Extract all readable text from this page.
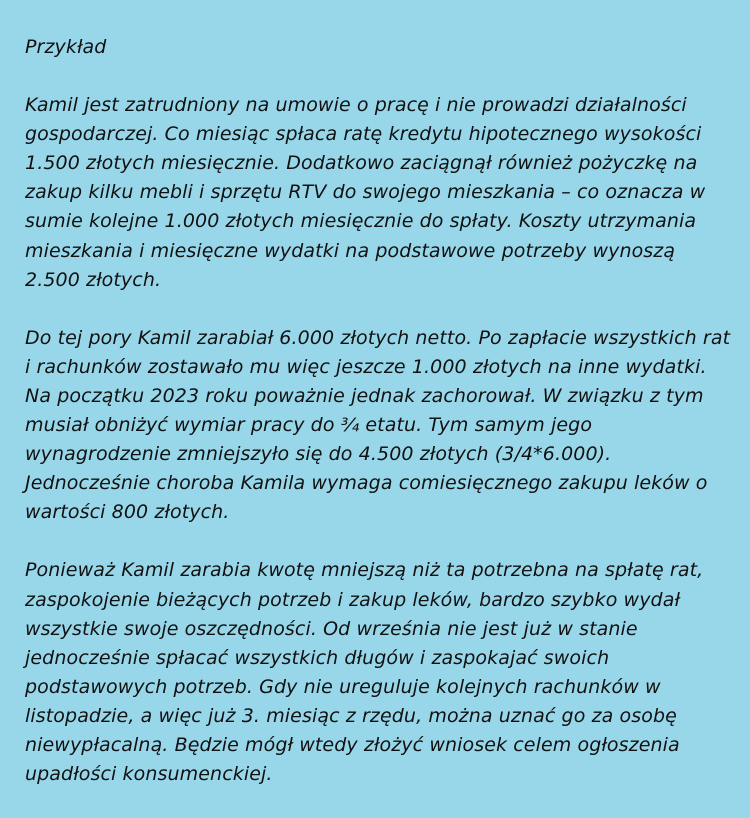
Przykład
Kamil jest zatrudniony na umowie o pracę i nie prowadzi działalności
gospodarczej. Co miesiąc spłaca ratę kredytu hipotecznego wysokości
1.500 złotych miesięcznie. Dodatkowo zaciągnął również pożyczkę na
zakup kilku mebli i sprzętu RTV do swojego mieszkania – co oznacza w
sumie kolejne 1.000 złotych miesięcznie do spłaty. Koszty utrzymania
mieszkania i miesięczne wydatki na podstawowe potrzeby wynoszą
2.500 złotych.
Do tej pory Kamil zarabiał 6.000 złotych netto. Po zapłacie wszystkich rat
i rachunków zostawało mu więc jeszcze 1.000 złotych na inne wydatki.
Na początku 2023 roku poważnie jednak zachorował. W związku z tym
musiał obniżyć wymiar pracy do ¾ etatu. Tym samym jego
wynagrodzenie zmniejszyło się do 4.500 złotych (3/4*6.000).
Jednocześnie choroba Kamila wymaga comiesięcznego zakupu leków o
wartości 800 złotych.
Ponieważ Kamil zarabia kwotę mniejszą niż ta potrzebna na spłatę rat,
zaspokojenie bieżących potrzeb i zakup leków, bardzo szybko wydał
wszystkie swoje oszczędności. Od września nie jest już w stanie
jednocześnie spłacać wszystkich długów i zaspokajać swoich
podstawowych potrzeb. Gdy nie ureguluje kolejnych rachunków w
listopadzie, a więc już 3. miesiąc z rzędu, można uznać go za osobę
niewypłacalną. Będzie mógł wtedy złożyć wniosek celem ogłoszenia
upadłości konsumenckiej.
